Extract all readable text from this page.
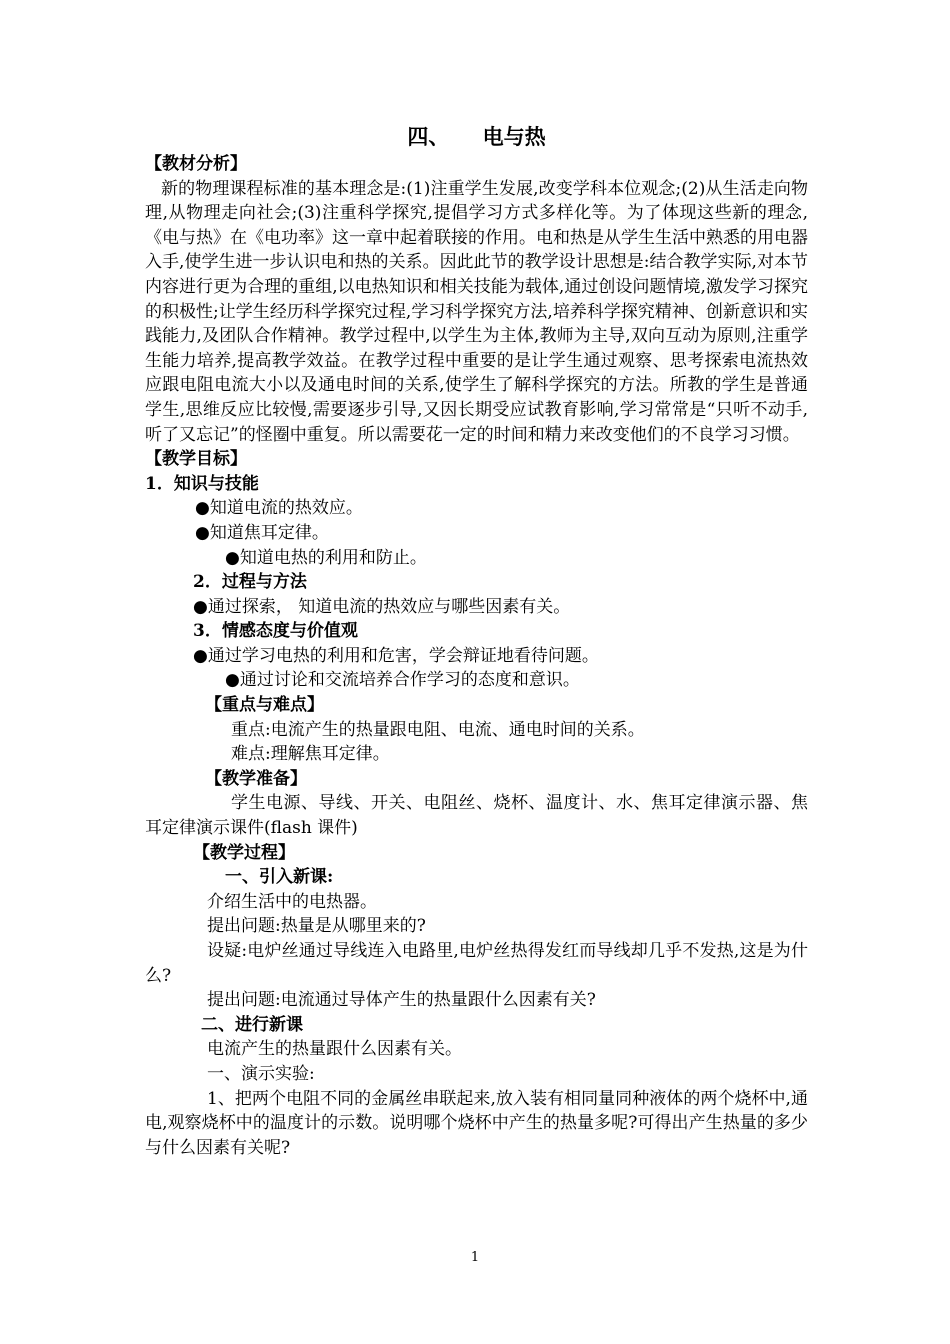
四、 电与热
【教材分析】
新的物理课程标准的基本理念是:(1)注重学生发展,改变学科本位观念;(2)从生活走向物理,从物理走向社会;(3)注重科学探究,提倡学习方式多样化等。为了体现这些新的理念,《电与热》在《电功率》这一章中起着联接的作用。电和热是从学生生活中熟悉的用电器入手,使学生进一步认识电和热的关系。因此此节的教学设计思想是:结合教学实际,对本节内容进行更为合理的重组,以电热知识和相关技能为载体,通过创设问题情境,激发学习探究的积极性;让学生经历科学探究过程,学习科学探究方法,培养科学探究精神、创新意识和实践能力,及团队合作精神。教学过程中,以学生为主体,教师为主导,双向互动为原则,注重学生能力培养,提高教学效益。在教学过程中重要的是让学生通过观察、思考探索电流热效应跟电阻电流大小以及通电时间的关系,使学生了解科学探究的方法。所教的学生是普通学生,思维反应比较慢,需要逐步引导,又因长期受应试教育影响,学习常常是“只听不动手,听了又忘记”的怪圈中重复。所以需要花一定的时间和精力来改变他们的不良学习习惯。
【教学目标】
1．知识与技能
●知道电流的热效应。
●知道焦耳定律。
●知道电热的利用和防止。
2．过程与方法
●通过探索， 知道电流的热效应与哪些因素有关。
3．情感态度与价值观
●通过学习电热的利用和危害，学会辩证地看待问题。
●通过讨论和交流培养合作学习的态度和意识。
【重点与难点】
重点:电流产生的热量跟电阻、电流、通电时间的关系。
难点:理解焦耳定律。
【教学准备】
学生电源、导线、开关、电阻丝、烧杯、温度计、水、焦耳定律演示器、焦耳定律演示课件(flash 课件)
【教学过程】
一、引入新课:
介绍生活中的电热器。
提出问题:热量是从哪里来的?
设疑:电炉丝通过导线连入电路里,电炉丝热得发红而导线却几乎不发热,这是为什么?
提出问题:电流通过导体产生的热量跟什么因素有关?
二、进行新课
电流产生的热量跟什么因素有关。
一、演示实验:
1、把两个电阻不同的金属丝串联起来,放入装有相同量同种液体的两个烧杯中,通电,观察烧杯中的温度计的示数。说明哪个烧杯中产生的热量多呢?可得出产生热量的多少与什么因素有关呢?
1
